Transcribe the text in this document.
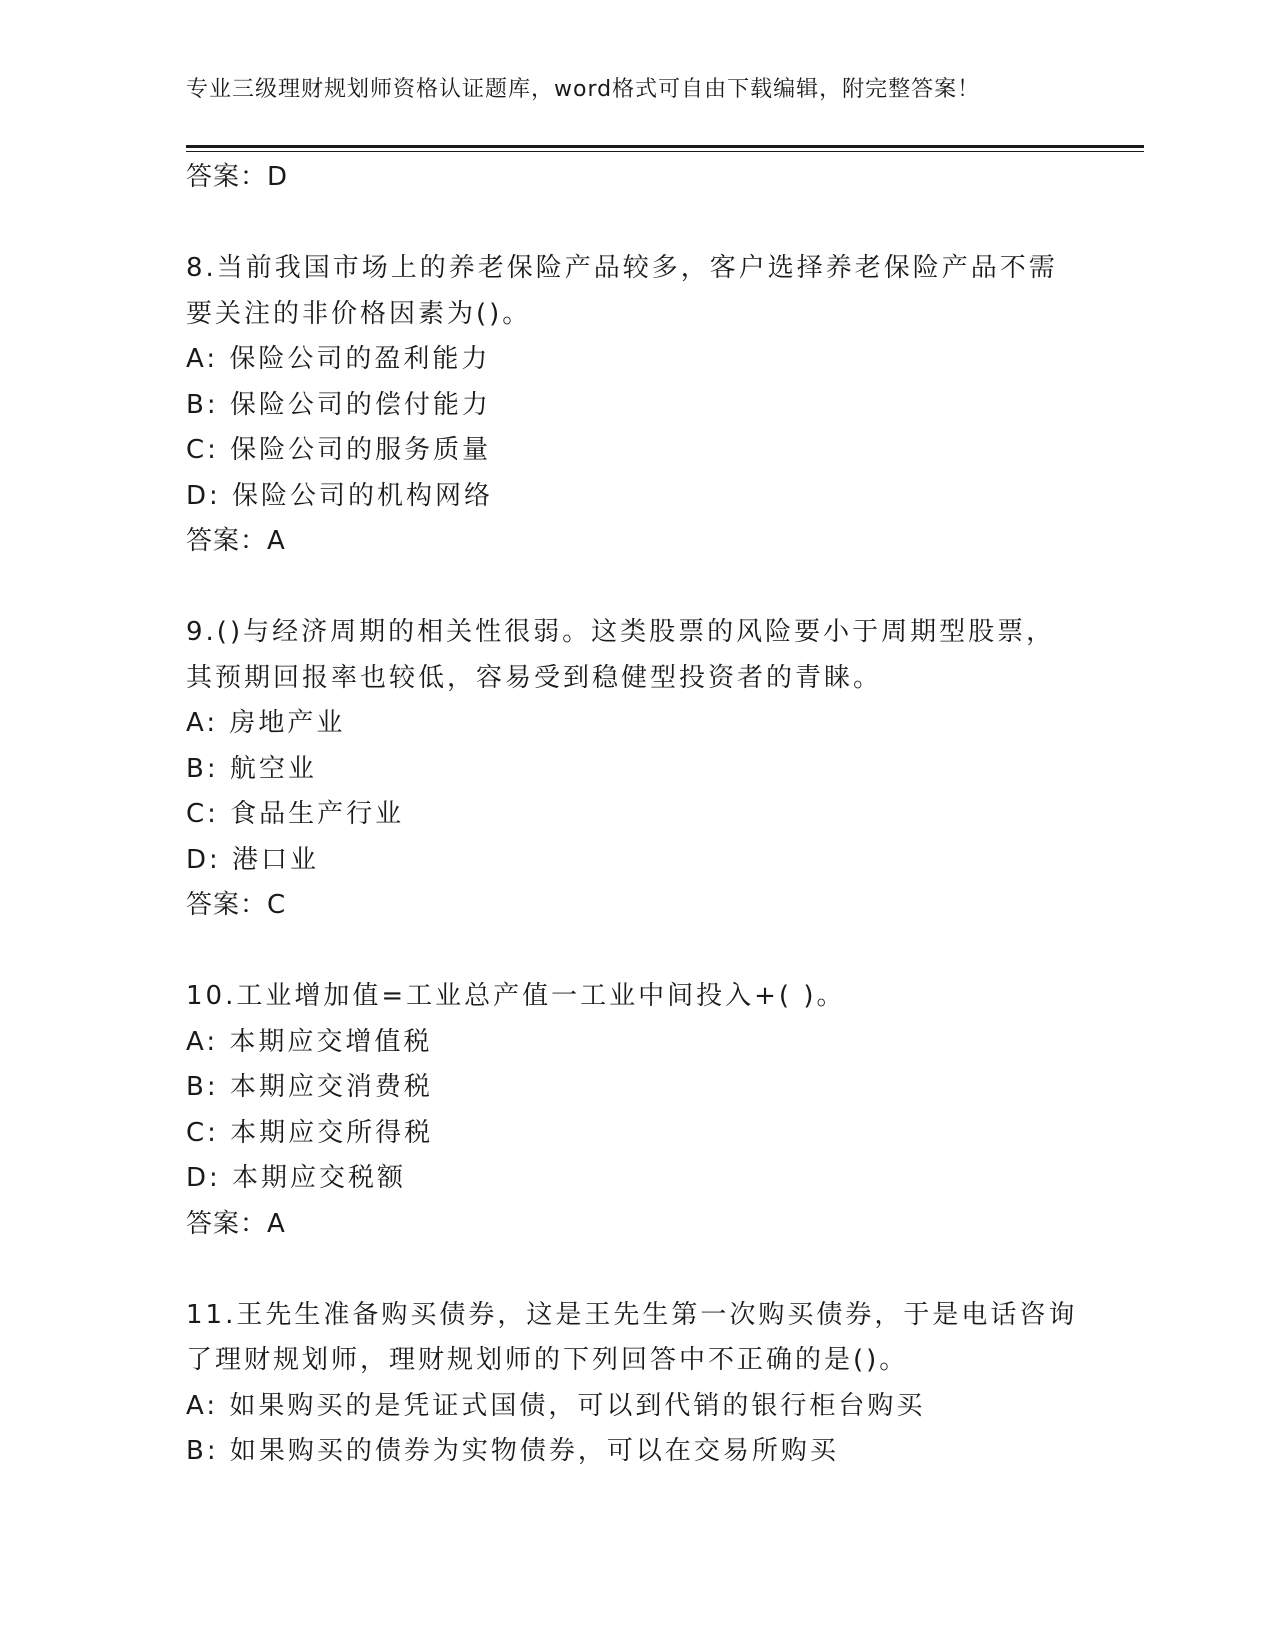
专业三级理财规划师资格认证题库，word格式可自由下载编辑，附完整答案！
答案：D
8.当前我国市场上的养老保险产品较多，客户选择养老保险产品不需
要关注的非价格因素为()。
A: 保险公司的盈利能力
B: 保险公司的偿付能力
C: 保险公司的服务质量
D: 保险公司的机构网络
答案：A
9.()与经济周期的相关性很弱。这类股票的风险要小于周期型股票，
其预期回报率也较低，容易受到稳健型投资者的青睐。
A: 房地产业
B: 航空业
C: 食品生产行业
D: 港口业
答案：C
10.工业增加值=工业总产值一工业中间投入+( )。
A: 本期应交增值税
B: 本期应交消费税
C: 本期应交所得税
D: 本期应交税额
答案：A
11.王先生准备购买债券，这是王先生第一次购买债券，于是电话咨询
了理财规划师，理财规划师的下列回答中不正确的是()。
A: 如果购买的是凭证式国债，可以到代销的银行柜台购买
B: 如果购买的债券为实物债券，可以在交易所购买
